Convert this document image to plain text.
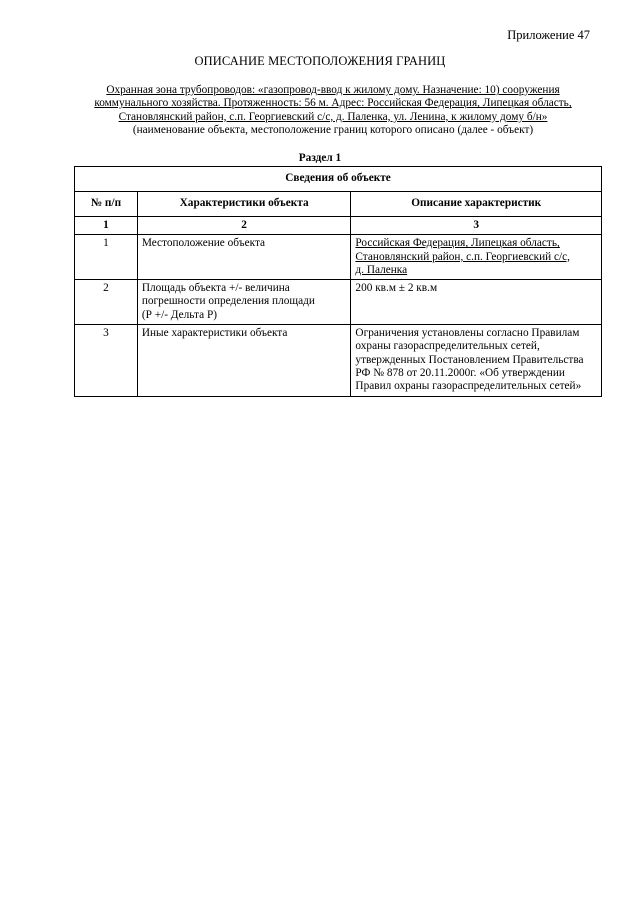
Приложение 47
ОПИСАНИЕ МЕСТОПОЛОЖЕНИЯ ГРАНИЦ
Охранная зона трубопроводов: «газопровод-ввод к жилому дому. Назначение: 10) сооружения
коммунального хозяйства. Протяженность: 56 м. Адрес: Российская Федерация, Липецкая область,
Становлянский район, с.п. Георгиевский с/с, д. Паленка, ул. Ленина, к жилому дому б/н»
(наименование объекта, местоположение границ которого описано (далее - объект)
Раздел 1
Сведения об объекте		
№ п/п	Характеристики объекта	Описание характеристик
1	2	3
1	Местоположение объекта	Российская Федерация, Липецкая область,
Становлянский район, с.п. Георгиевский с/с,
д. Паленка

2	Площадь объекта +/- величина
погрешности определения площади
(Р +/- Дельта Р)	200 кв.м ± 2 кв.м
3	Иные характеристики объекта	Ограничения установлены согласно Правилам
охраны газораспределительных сетей,
утвержденных Постановлением Правительства
РФ № 878 от 20.11.2000г. «Об утверждении
Правил охраны газораспределительных сетей»
